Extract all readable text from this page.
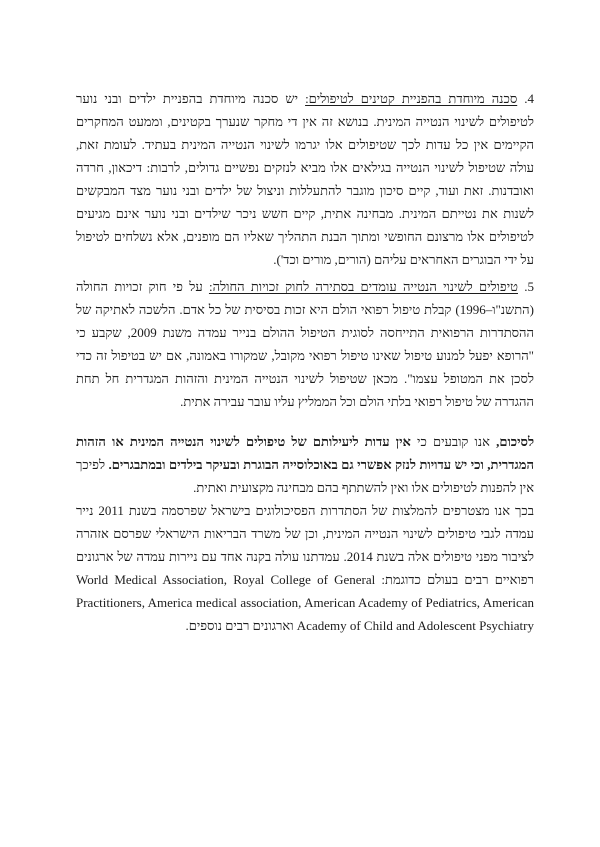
4. סכנה מיוחדת בהפניית קטינים לטיפולים: יש סכנה מיוחדת בהפניית ילדים ובני נוער לטיפולים לשינוי הנטייה המינית. בנושא זה אין די מחקר שנערך בקטינים, וממעט המחקרים הקיימים אין כל עדות לכך שטיפולים אלו יגרמו לשינוי הנטייה המינית בעתיד. לעומת זאת, עולה שטיפול לשינוי הנטייה בגילאים אלו מביא לנזקים נפשיים גדולים, לרבות: דיכאון, חרדה ואובדנות. זאת ועוד, קיים סיכון מוגבר להתעללות וניצול של ילדים ובני נוער מצד המבקשים לשנות את נטייתם המינית. מבחינה אתית, קיים חשש ניכר שילדים ובני נוער אינם מגיעים לטיפולים אלו מרצונם החופשי ומתוך הבנת התהליך שאליו הם מופנים, אלא נשלחים לטיפול על ידי הבוגרים האחראים עליהם (הורים, מורים וכד').

5. טיפולים לשינוי הנטייה עומדים בסתירה לחוק זכויות החולה: על פי חוק זכויות החולה (התשנ"ו–1996) קבלת טיפול רפואי הולם היא זכות בסיסית של כל אדם. הלשכה לאתיקה של ההסתדרות הרפואית התייחסה לסוגית הטיפול ההולם בנייר עמדה משנת 2009, שקבע כי "הרופא יפעל למנוע טיפול שאינו טיפול רפואי מקובל, שמקורו באמונה, אם יש בטיפול זה כדי לסכן את המטופל עצמו". מכאן שטיפול לשינוי הנטייה המינית והזהות המגדרית חל תחת ההגדרה של טיפול רפואי בלתי הולם וכל הממליץ עליו עובר עבירה אתית.

לסיכום, אנו קובעים כי אין עדות ליעילותם של טיפולים לשינוי הנטייה המינית או הזהות המגדרית, וכי יש עדויות לנזק אפשרי גם באוכלוסייה הבוגרת ובעיקר בילדים ובמתבגרים. לפיכך אין להפנות לטיפולים אלו ואין להשתתף בהם מבחינה מקצועית ואתית.

בכך אנו מצטרפים להמלצות של הסתדרות הפסיכולוגים בישראל שפרסמה בשנת 2011 נייר עמדה לגבי טיפולים לשינוי הנטייה המינית, וכן של משרד הבריאות הישראלי שפרסם אזהרה לציבור מפני טיפולים אלה בשנת 2014. עמדתנו עולה בקנה אחד עם ניירות עמדה של ארגונים רפואיים רבים בעולם כדוגמת: World Medical Association, Royal College of General Practitioners, America medical association, American Academy of Pediatrics, American Academy of Child and Adolescent Psychiatry וארגונים רבים נוספים.
